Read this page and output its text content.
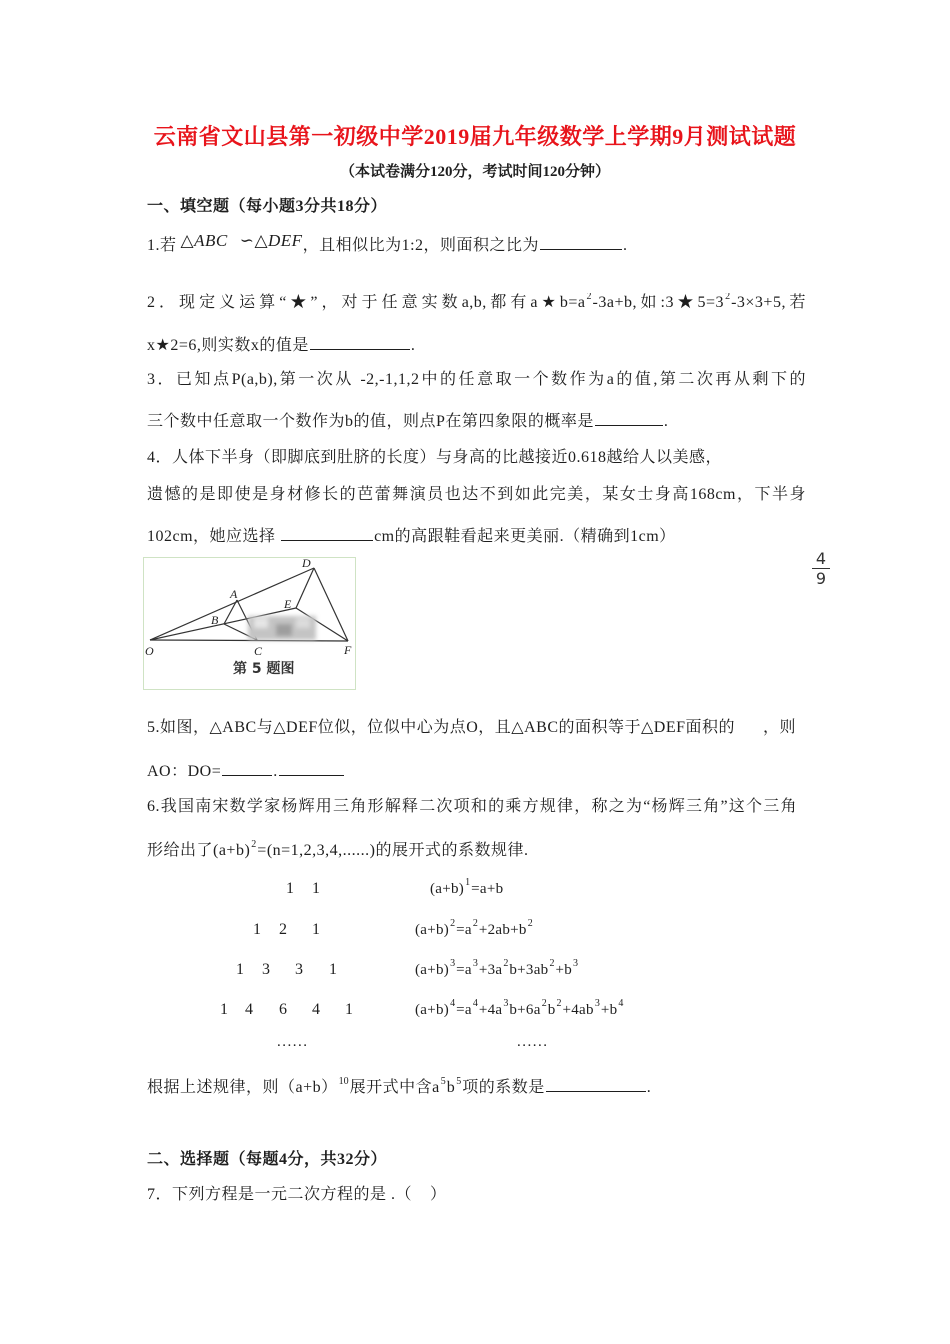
云南省文山县第一初级中学2019届九年级数学上学期9月测试试题
（本试卷满分120分，考试时间120分钟）
一、填空题（每小题3分共18分）
1.若 △ABC ∽△DEF，且相似比为1:2，则面积之比为	.
2．现定义运算“★”，对于任意实数a,b,都有$a★b=a^2-3a+b$,如$:3★5=3^2-3\times 3+5$,若
x★2=6,则实数x的值是	.
3．已知点P(a,b),第一次从 -2,-1,1,2中的任意取一个数作为a的值,第二次再从剩下的
三个数中任意取一个数作为b的值，则点P在第四象限的概率是	.
4．人体下半身（即脚底到肚脐的长度）与身高的比越接近0.618越给人以美感，
遗憾的是即使是身材修长的芭蕾舞演员也达不到如此完美，某女士身高168cm，下半身
102cm，她应选择	cm的高跟鞋看起来更美丽.（精确到1cm）
D
A
B
E
O	C	F
第 5 题图
$\frac{4}{9}$
5.如图，△ABC与△DEF位似，位似中心为点O，且△ABC的面积等于△DEF面积的 ，则
AO：DO=	.
6.我国南宋数学家杨辉用三角形解释二次项和的乘方规律，称之为“杨辉三角”这个三角
形给出了$(a+b)^2=(n=1,2,3,4,......)$的展开式的系数规律.
1 1
1 2 1
1 3 3 1
1 4 6 4 1
......	......
$(a+b)^1=a+b$
$(a+b)^2=a^2+2ab+b^2$
$(a+b)^3=a^3+3a^2b+3ab^2+b^3$
$(a+b)^4=a^4+4a^3b+6a^2b^2+4ab^3+b^4$
根据上述规律，则$(a+b)^{10}$展开式中含$a^5b^5$项的系数是	.
二、选择题（每题4分，共32分）
7．下列方程是一元二次方程的是 .（    ）
